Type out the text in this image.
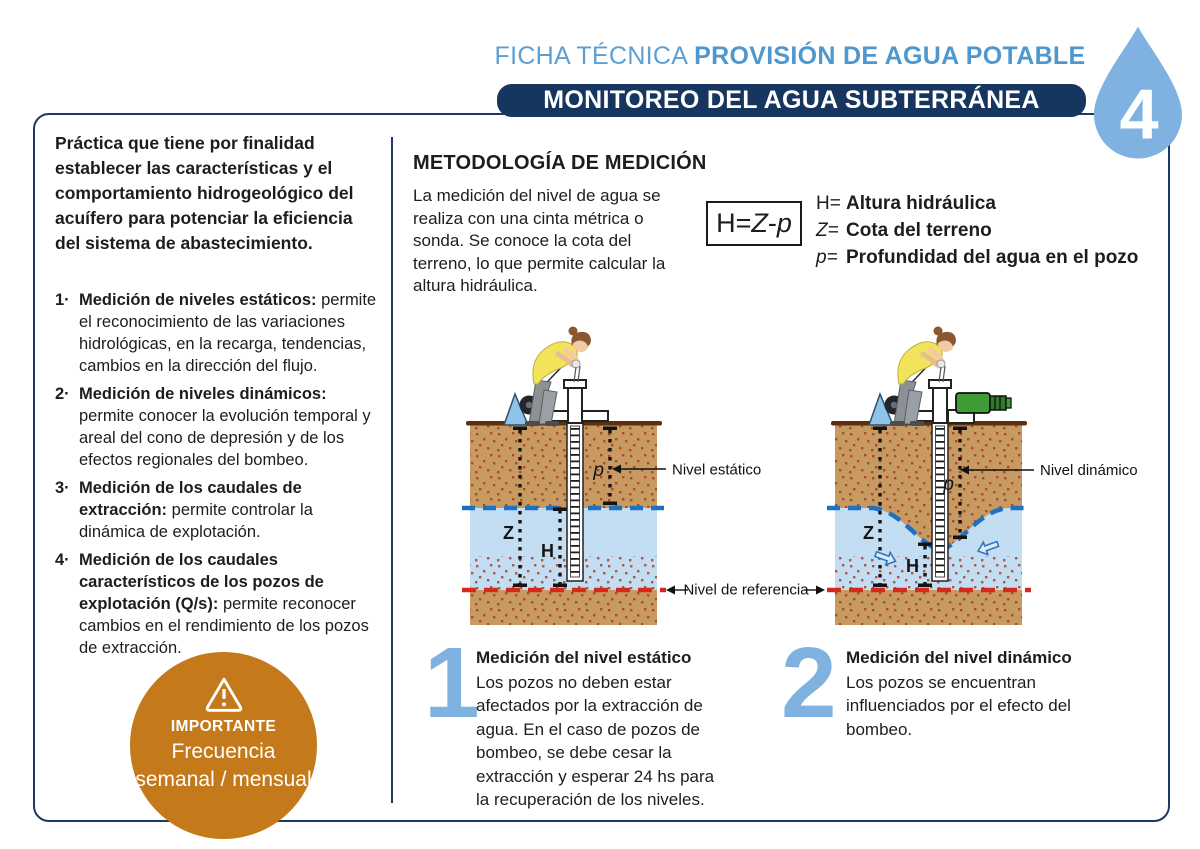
FICHA TÉCNICA PROVISIÓN DE AGUA POTABLE
MONITOREO DEL AGUA SUBTERRÁNEA	4
Práctica que tiene por finalidad establecer las características y el comportamiento hidrogeológico del acuífero para potenciar la eficiencia del sistema de abastecimiento.
1· Medición de niveles estáticos: permite el reconocimiento de las variaciones hidrológicas, en la recarga, tendencias, cambios en la dirección del flujo.
2· Medición de niveles dinámicos: permite conocer la evolución temporal y areal del cono de depresión y de los efectos regionales del bombeo.
3· Medición de los caudales de extracción: permite controlar la dinámica de explotación.
4· Medición de los caudales característicos de los pozos de explotación (Q/s): permite reconocer cambios en el rendimiento de los pozos de extracción.
IMPORTANTE
Frecuencia
semanal / mensual
METODOLOGÍA DE MEDICIÓN
La medición del nivel de agua se realiza con una cinta métrica o sonda. Se conoce la cota del terreno, lo que permite calcular la altura hidráulica.
H=Z-p
H= Altura hidráulica
Z= Cota del terreno
p= Profundidad del agua en el pozo
p
Z
H
p
Z
H
Nivel estático	Nivel dinámico
Nivel de referencia
1
Medición del nivel estático
Los pozos no deben estar afectados por la extracción de agua. En el caso de pozos de bombeo, se debe cesar la extracción y esperar 24 hs para la recuperación de los niveles.
2 Medición del nivel dinámico
Los pozos se encuentran influenciados por el efecto del bombeo.
